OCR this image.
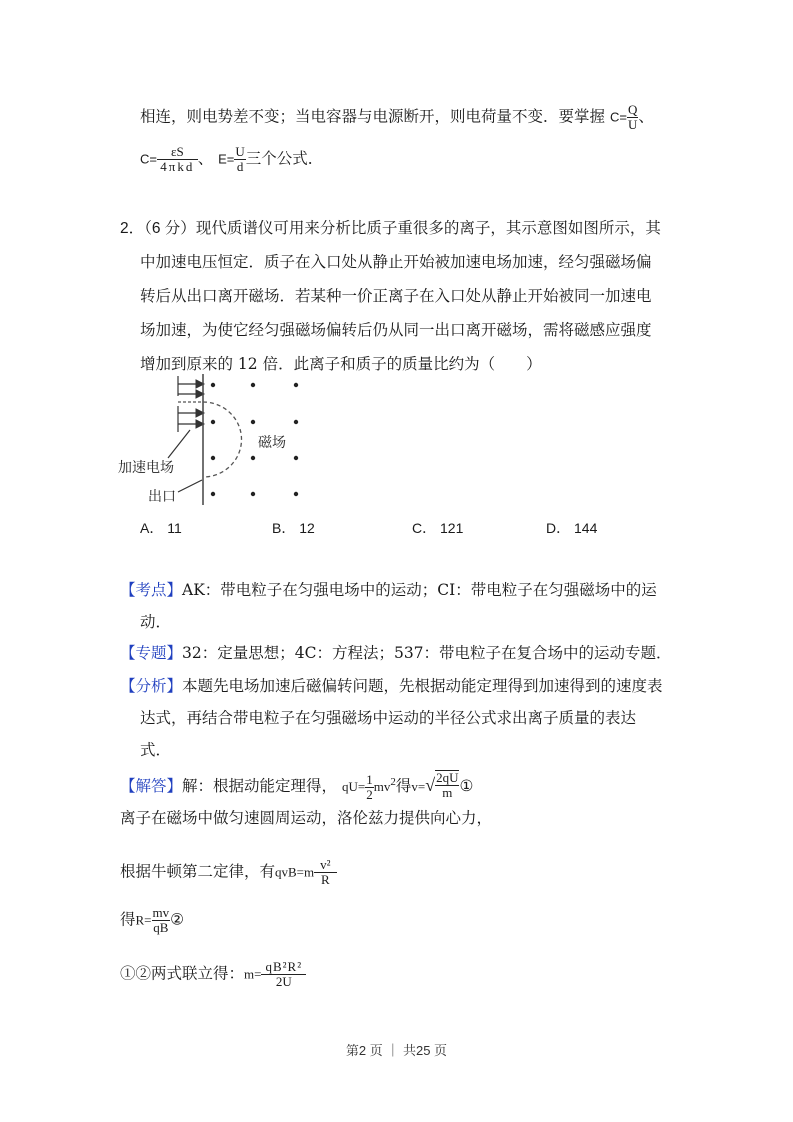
相连，则电势差不变；当电容器与电源断开，则电荷量不变．要掌握 $C= \frac{Q}{U}$ 、
$C= \frac{\varepsilon S}{\text{4πkd}}$ 、 $E= \frac{U}{d}$ 三个公式．
2．（6 分）现代质谱仪可用来分析比质子重很多的离子，其示意图如图所示，其
中加速电压恒定．质子在入口处从静止开始被加速电场加速，经匀强磁场偏
转后从出口离开磁场．若某种一价正离子在入口处从静止开始被同一加速电
场加速，为使它经匀强磁场偏转后仍从同一出口离开磁场，需将磁感应强度
增加到原来的 12 倍．此离子和质子的质量比约为（　　）
加速电场
出口
磁场
A． 11	B． 12	C． 121	D． 144
【考点】AK：带电粒子在匀强电场中的运动；CI：带电粒子在匀强磁场中的运
动．
【专题】32：定量思想；4C：方程法；537：带电粒子在复合场中的运动专题．
【分析】本题先电场加速后磁偏转问题，先根据动能定理得到加速得到的速度表
达式，再结合带电粒子在匀强磁场中运动的半径公式求出离子质量的表达
式．
【解答】解：根据动能定理得， $qU= \frac{1}{2} mv^2$得v= √ $\frac{2qU}{m}$ ①
离子在磁场中做匀速圆周运动，洛伦兹力提供向心力，
根据牛顿第二定律，有$qvB=m \frac{\text{v²}}{R}$
得$R= \frac{mv}{qB}$ ②
①②两式联立得：$m= \frac{\text{qB²R²}}{2U}$
第2 页 ｜ 共25 页
